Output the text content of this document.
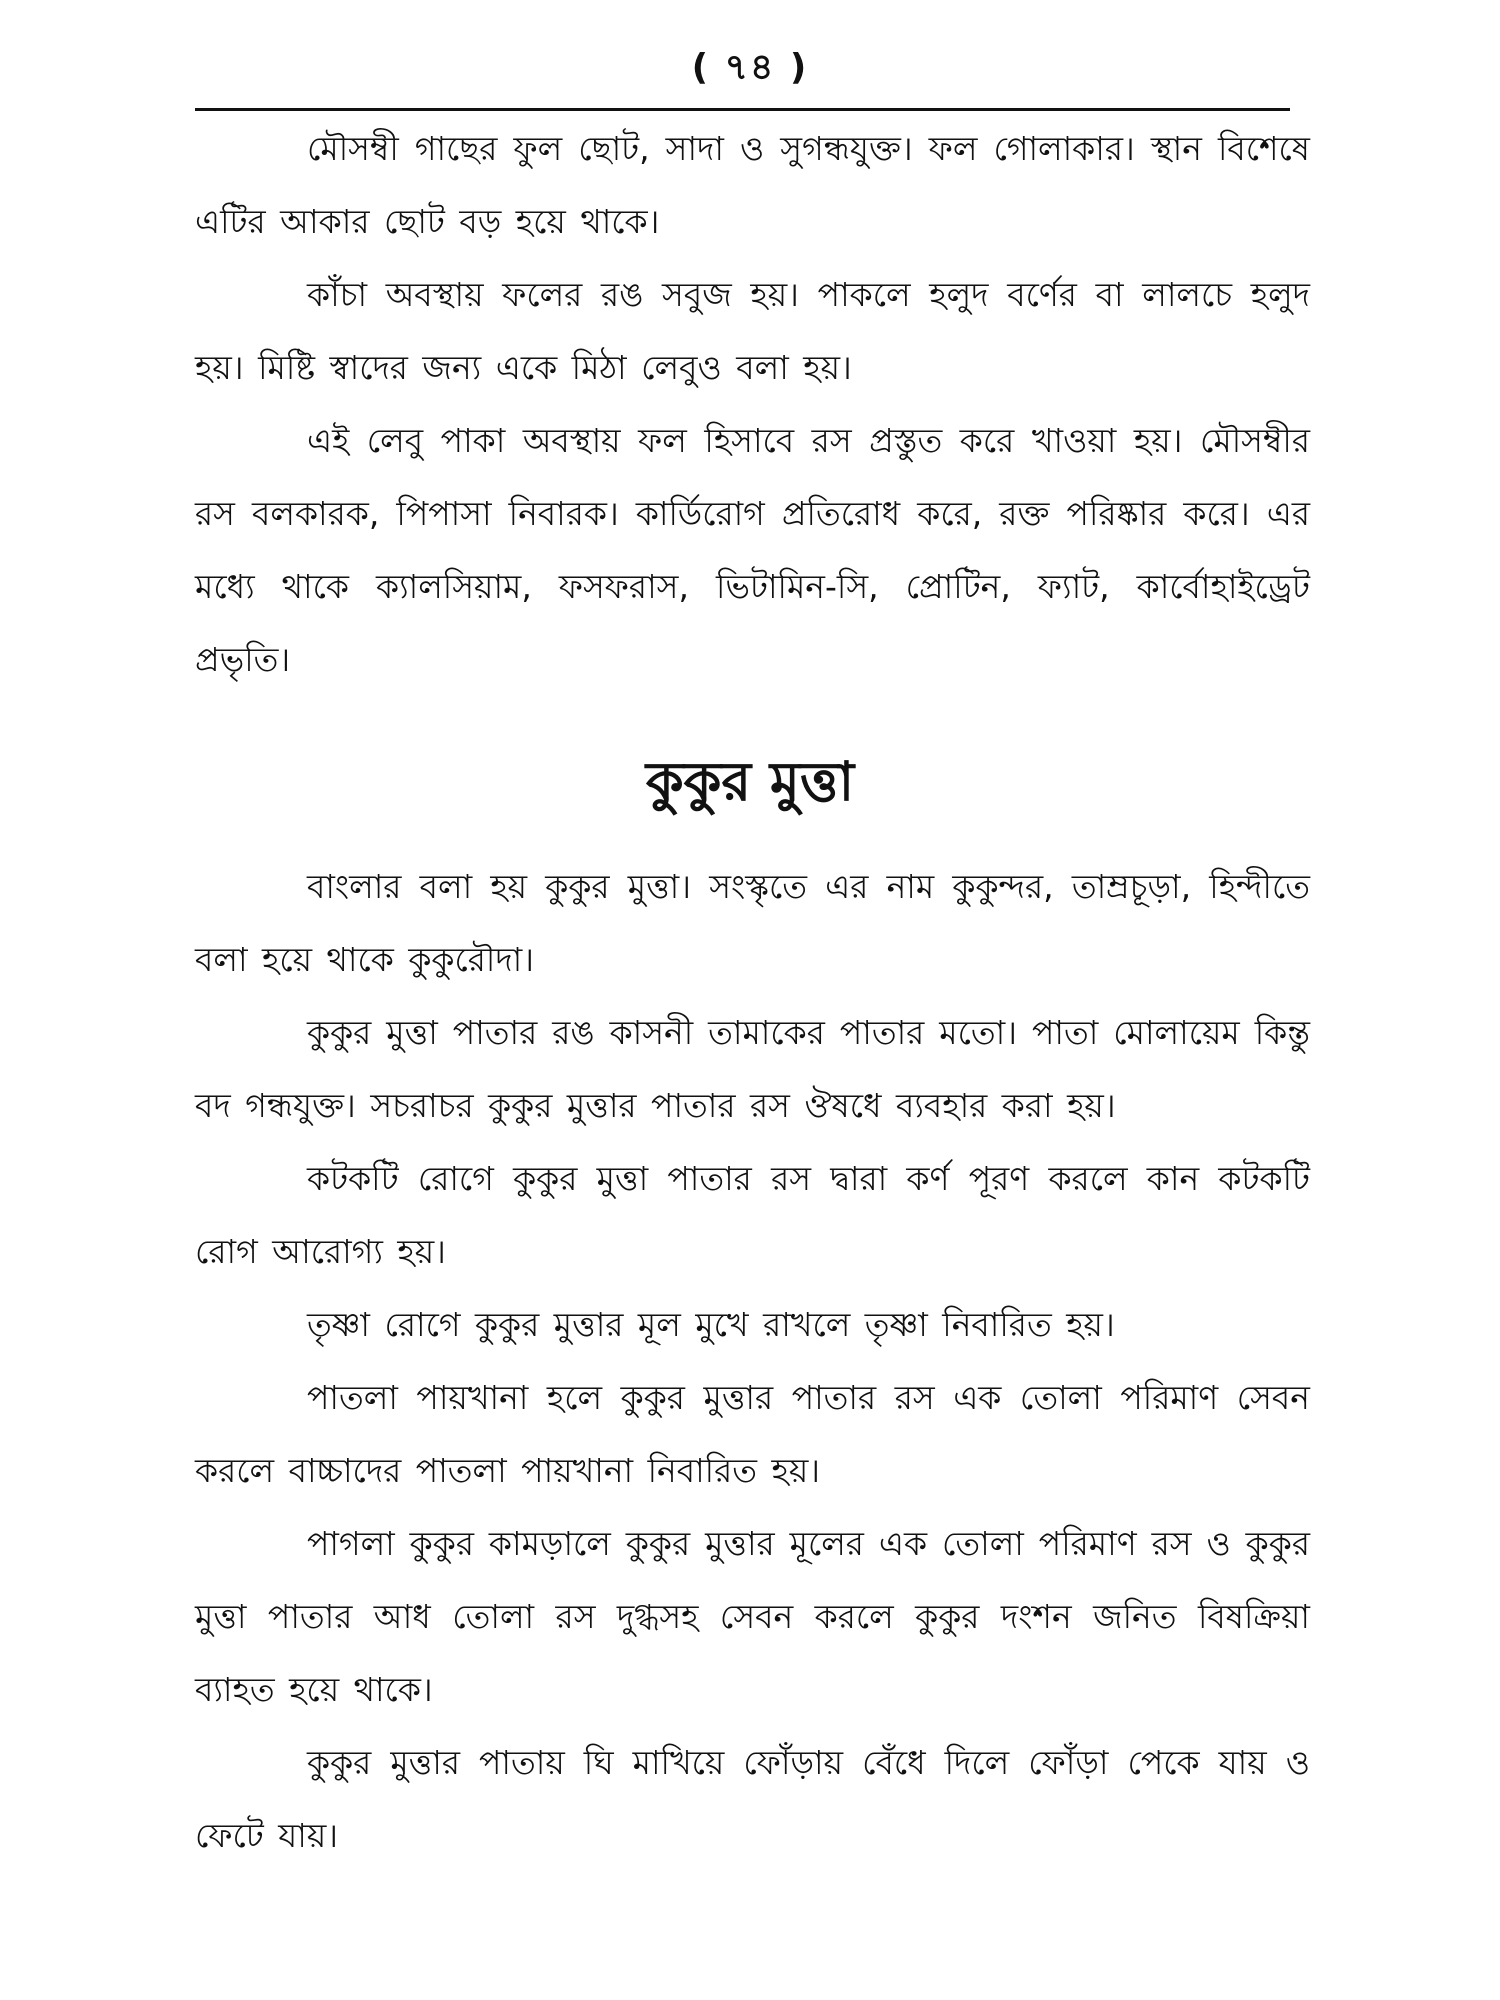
( ৭৪ )

মৌসম্বী গাছের ফুল ছোট, সাদা ও সুগন্ধযুক্ত। ফল গোলাকার। স্থান বিশেষে এটির আকার ছোট বড় হয়ে থাকে।

কাঁচা অবস্থায় ফলের রঙ সবুজ হয়। পাকলে হলুদ বর্ণের বা লালচে হলুদ হয়। মিষ্টি স্বাদের জন্য একে মিঠা লেবুও বলা হয়।

এই লেবু পাকা অবস্থায় ফল হিসাবে রস প্রস্তুত করে খাওয়া হয়। মৌসম্বীর রস বলকারক, পিপাসা নিবারক। কার্ডিরোগ প্রতিরোধ করে, রক্ত পরিষ্কার করে। এর মধ্যে থাকে ক্যালসিয়াম, ফসফরাস, ভিটামিন-সি, প্রোটিন, ফ্যাট, কার্বোহাইড্রেট প্রভৃতি।

কুকুর মুত্তা

বাংলার বলা হয় কুকুর মুত্তা। সংস্কৃতে এর নাম কুকুন্দর, তাম্রচূড়া, হিন্দীতে বলা হয়ে থাকে কুকুরৌদা।

কুকুর মুত্তা পাতার রঙ কাসনী তামাকের পাতার মতো। পাতা মোলায়েম কিন্তু বদ গন্ধযুক্ত। সচরাচর কুকুর মুত্তার পাতার রস ঔষধে ব্যবহার করা হয়।

কটকটি রোগে কুকুর মুত্তা পাতার রস দ্বারা কর্ণ পূরণ করলে কান কটকটি রোগ আরোগ্য হয়।

তৃষ্ণা রোগে কুকুর মুত্তার মূল মুখে রাখলে তৃষ্ণা নিবারিত হয়।

পাতলা পায়খানা হলে কুকুর মুত্তার পাতার রস এক তোলা পরিমাণ সেবন করলে বাচ্চাদের পাতলা পায়খানা নিবারিত হয়।

পাগলা কুকুর কামড়ালে কুকুর মুত্তার মূলের এক তোলা পরিমাণ রস ও কুকুর মুত্তা পাতার আধ তোলা রস দুগ্ধসহ সেবন করলে কুকুর দংশন জনিত বিষক্রিয়া ব্যাহত হয়ে থাকে।

কুকুর মুত্তার পাতায় ঘি মাখিয়ে ফোঁড়ায় বেঁধে দিলে ফোঁড়া পেকে যায় ও ফেটে যায়।
